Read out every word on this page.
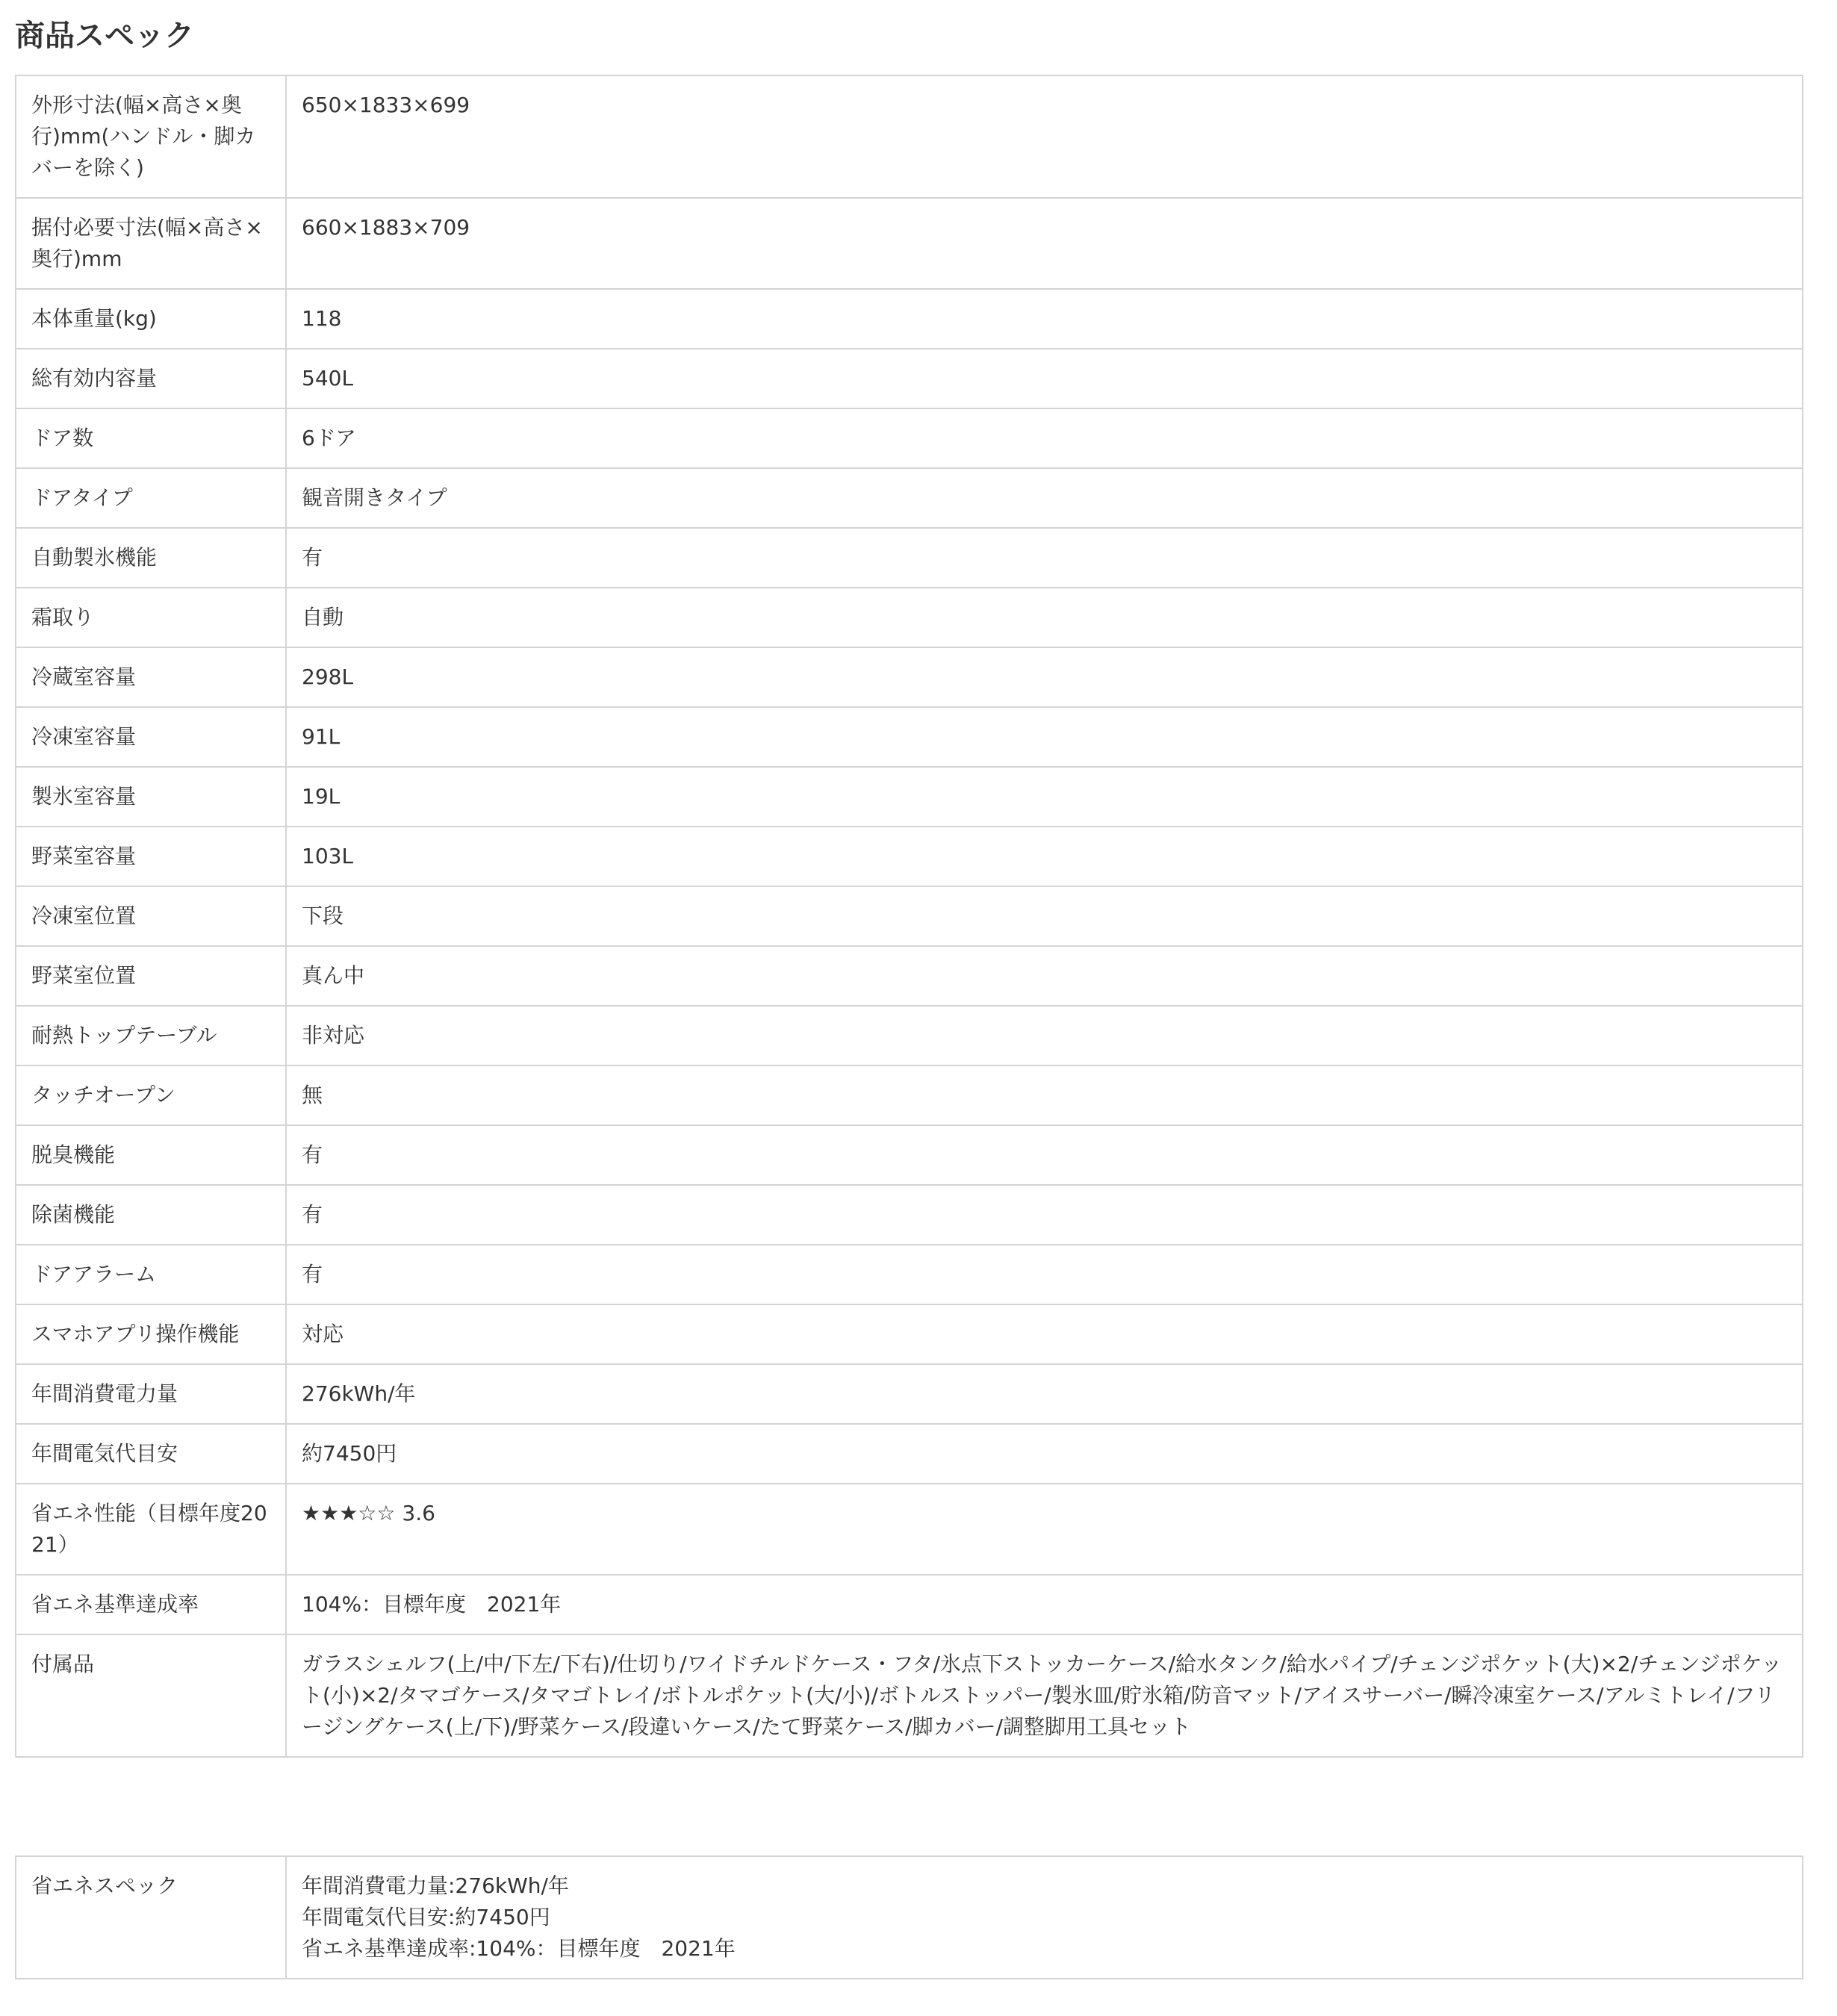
商品スペック
外形寸法(幅×高さ×奥行)mm(ハンドル・脚カバーを除く)	650×1833×699
据付必要寸法(幅×高さ×奥行)mm	660×1883×709
本体重量(kg)	118
総有効内容量	540L
ドア数	6ドア
ドアタイプ	観音開きタイプ
自動製氷機能	有
霜取り	自動
冷蔵室容量	298L
冷凍室容量	91L
製氷室容量	19L
野菜室容量	103L
冷凍室位置	下段
野菜室位置	真ん中
耐熱トップテーブル	非対応
タッチオープン	無
脱臭機能	有
除菌機能	有
ドアアラーム	有
スマホアプリ操作機能	対応
年間消費電力量	276kWh/年
年間電気代目安	約7450円
省エネ性能（目標年度2021）	★★★☆☆ 3.6
省エネ基準達成率	104%：目標年度　2021年
付属品	ガラスシェルフ(上/中/下左/下右)/仕切り/ワイドチルドケース・フタ/氷点下ストッカーケース/給水タンク/給水パイプ/チェンジポケット(大)×2/チェンジポケット(小)×2/タマゴケース/タマゴトレイ/ボトルポケット(大/小)/ボトルストッパー/製氷皿/貯氷箱/防音マット/アイスサーバー/瞬冷凍室ケース/アルミトレイ/フリージングケース(上/下)/野菜ケース/段違いケース/たて野菜ケース/脚カバー/調整脚用工具セット
省エネスペック	年間消費電力量:276kWh/年
年間電気代目安:約7450円
省エネ基準達成率:104%：目標年度　2021年
